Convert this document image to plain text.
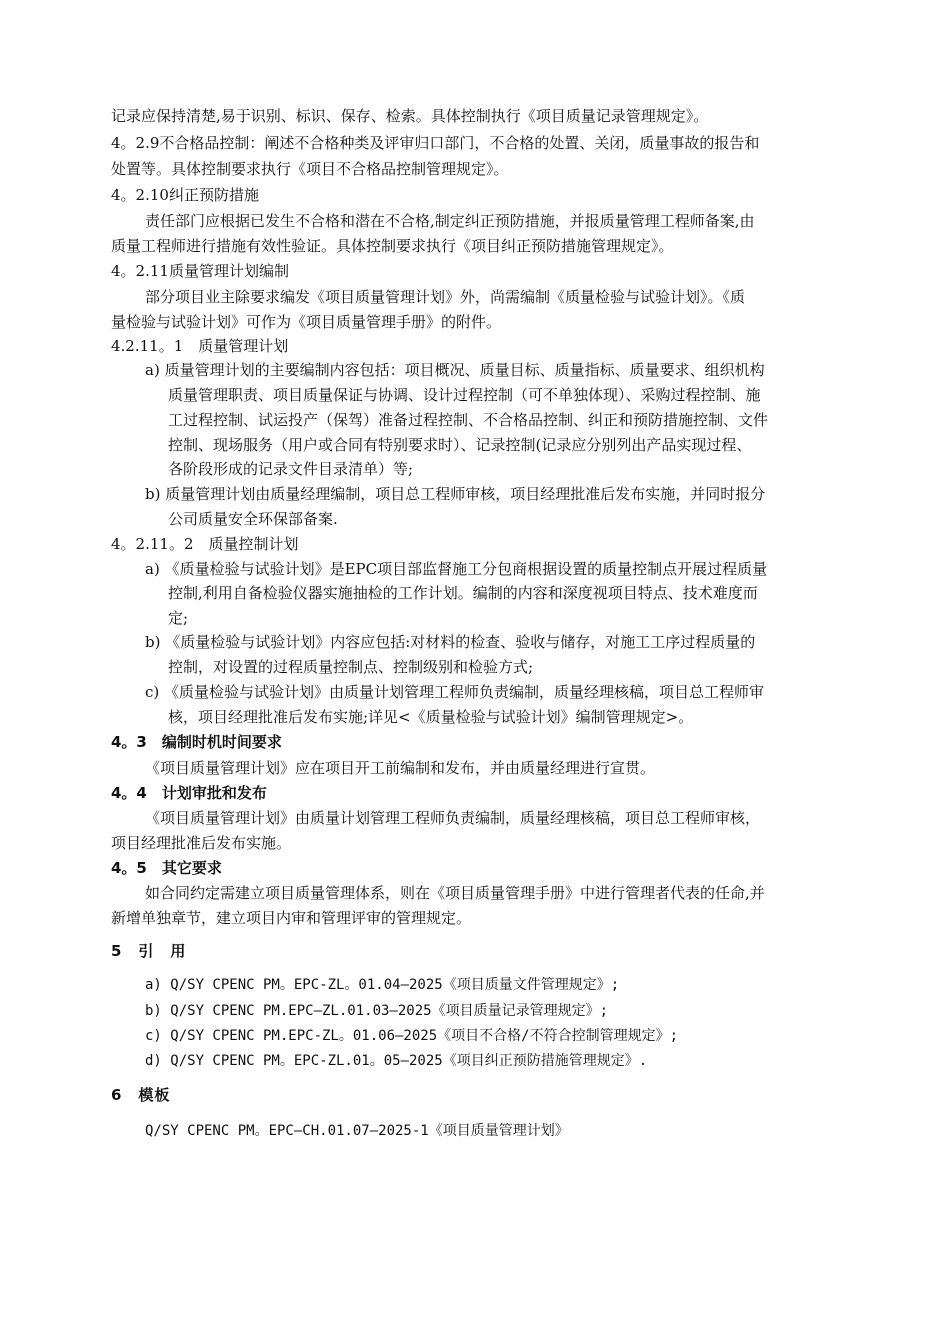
记录应保持清楚,易于识别、标识、保存、检索。具体控制执行《项目质量记录管理规定》。
4。2.9不合格品控制：阐述不合格种类及评审归口部门，不合格的处置、关闭，质量事故的报告和
处置等。具体控制要求执行《项目不合格品控制管理规定》。
4。2.10纠正预防措施
责任部门应根据已发生不合格和潜在不合格,制定纠正预防措施，并报质量管理工程师备案,由
质量工程师进行措施有效性验证。具体控制要求执行《项目纠正预防措施管理规定》。
4。2.11质量管理计划编制
部分项目业主除要求编发《项目质量管理计划》外，尚需编制《质量检验与试验计划》。《质
量检验与试验计划》可作为《项目质量管理手册》的附件。
4.2.11。1　质量管理计划
a) 质量管理计划的主要编制内容包括：项目概况、质量目标、质量指标、质量要求、组织机构
质量管理职责、项目质量保证与协调、设计过程控制（可不单独体现）、采购过程控制、施
工过程控制、试运投产（保驾）准备过程控制、不合格品控制、纠正和预防措施控制、文件
控制、现场服务（用户或合同有特别要求时）、记录控制(记录应分别列出产品实现过程、
各阶段形成的记录文件目录清单）等;
b) 质量管理计划由质量经理编制，项目总工程师审核，项目经理批准后发布实施，并同时报分
公司质量安全环保部备案.
4。2.11。2　质量控制计划
a) 《质量检验与试验计划》是EPC项目部监督施工分包商根据设置的质量控制点开展过程质量
控制,利用自备检验仪器实施抽检的工作计划。编制的内容和深度视项目特点、技术难度而
定;
b) 《质量检验与试验计划》内容应包括:对材料的检查、验收与储存，对施工工序过程质量的
控制，对设置的过程质量控制点、控制级别和检验方式;
c) 《质量检验与试验计划》由质量计划管理工程师负责编制，质量经理核稿，项目总工程师审
核，项目经理批准后发布实施;详见<《质量检验与试验计划》编制管理规定>。
4。3　编制时机时间要求
《项目质量管理计划》应在项目开工前编制和发布，并由质量经理进行宣贯。
4。4　计划审批和发布
《项目质量管理计划》由质量计划管理工程师负责编制，质量经理核稿，项目总工程师审核，
项目经理批准后发布实施。
4。5　其它要求
如合同约定需建立项目质量管理体系，则在《项目质量管理手册》中进行管理者代表的任命,并
新增单独章节，建立项目内审和管理评审的管理规定。
5　引　用
a) Q/SY CPENC PM。EPC-ZL。01.04—2025《项目质量文件管理规定》;
b) Q/SY CPENC PM.EPC—ZL.01.03—2025《项目质量记录管理规定》;
c) Q/SY CPENC PM.EPC-ZL。01.06—2025《项目不合格/不符合控制管理规定》;
d) Q/SY CPENC PM。EPC-ZL.01。05—2025《项目纠正预防措施管理规定》.
6　模板
Q/SY CPENC PM。EPC—CH.01.07—2025-1《项目质量管理计划》
